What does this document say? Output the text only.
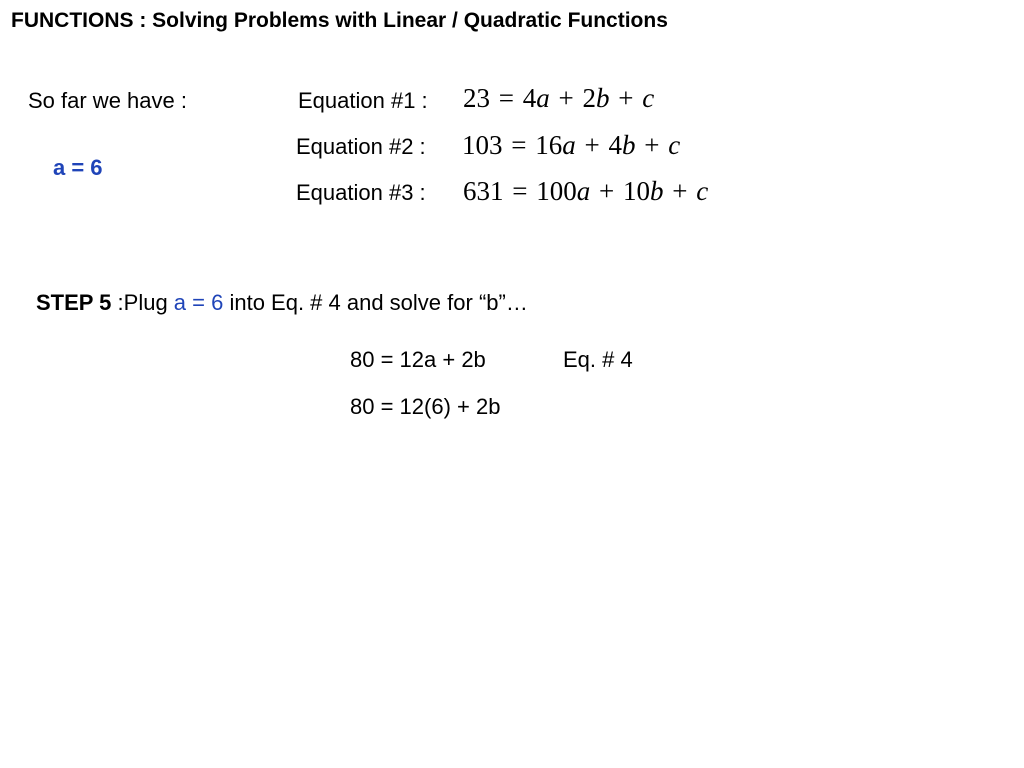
FUNCTIONS : Solving Problems with Linear / Quadratic Functions
So far we have :
a = 6
Equation #1 : 23 = 4a + 2b + c
Equation #2 : 103 = 16a + 4b + c
Equation #3 : 631 = 100a + 10b + c
STEP 5 :Plug a = 6 into Eq. # 4 and solve for “b”…
80 = 12a + 2b	Eq. # 4
80 = 12(6) + 2b
